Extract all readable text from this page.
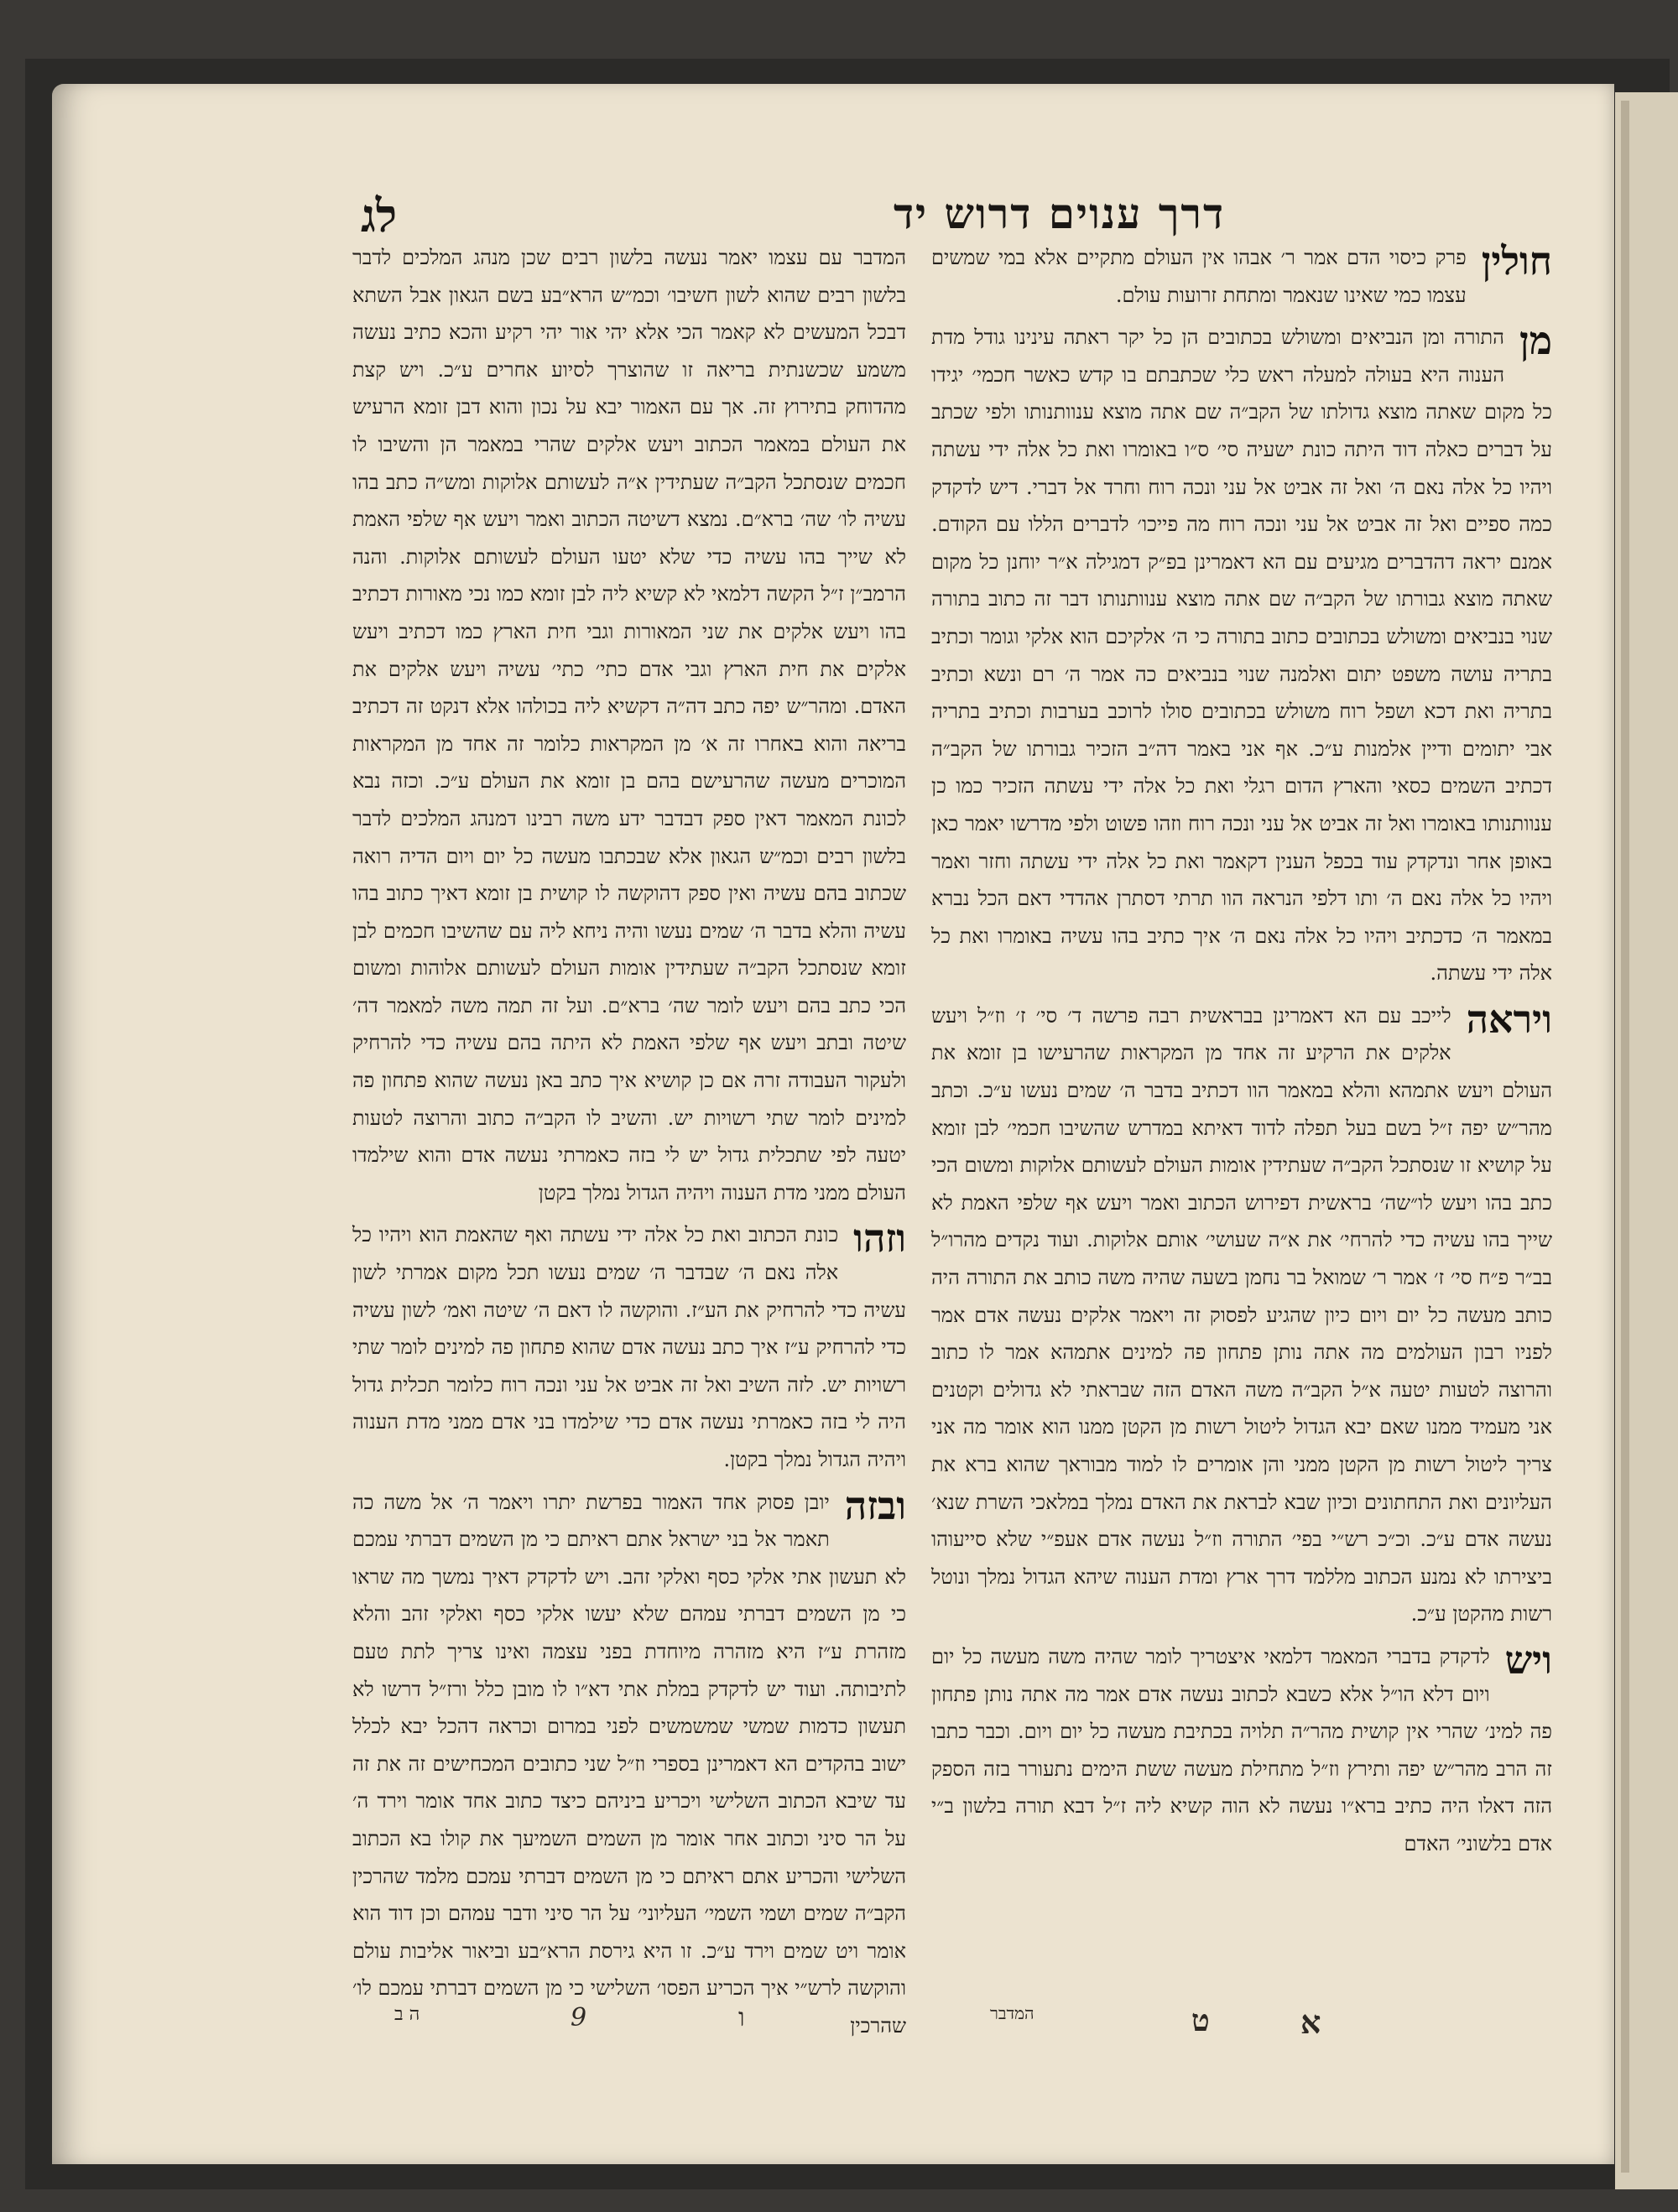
דרך ענוים דרוש יד
לג
חולין
פרק כיסוי הדם אמר ר׳ אבהו אין העולם מתקיים אלא במי שמשים עצמו כמי שאינו שנאמר ומתחת זרועות עולם.
מן
התורה ומן הנביאים ומשולש בכתובים הן כל יקר ראתה עינינו גודל מדת הענוה היא בעולה למעלה ראש כלי שכתבתם בו קדש כאשר חכמי׳ יגידו כל מקום שאתה מוצא גדולתו של הקב״ה שם אתה מוצא ענוותנותו ולפי שכתב על דברים כאלה דוד היתה כונת ישעיה סי׳ ס״ו באומרו ואת כל אלה ידי עשתה ויהיו כל אלה נאם ה׳ ואל זה אביט אל עני ונכה רוח וחרד אל דברי. דיש לדקדק כמה ספיים ואל זה אביט אל עני ונכה רוח מה פייכו׳ לדברים הללו עם הקודם. אמנם יראה דהדברים מגיעים עם הא דאמרינן בפ״ק דמגילה א״ר יוחנן כל מקום שאתה מוצא גבורתו של הקב״ה שם אתה מוצא ענוותנותו דבר זה כתוב בתורה שנוי בנביאים ומשולש בכתובים כתוב בתורה כי ה׳ אלקיכם הוא אלקי וגומר וכתיב בתריה עושה משפט יתום ואלמנה שנוי בנביאים כה אמר ה׳ רם ונשא וכתיב בתריה ואת דכא ושפל רוח משולש בכתובים סולו לרוכב בערבות וכתיב בתריה אבי יתומים ודיין אלמנות ע״כ. אף אני באמר דה״ב הזכיר גבורתו של הקב״ה דכתיב השמים כסאי והארץ הדום רגלי ואת כל אלה ידי עשתה הזכיר כמו כן ענוותנותו באומרו ואל זה אביט אל עני ונכה רוח וזהו פשוט ולפי מדרשו יאמר כאן באופן אחר ונדקדק עוד בכפל הענין דקאמר ואת כל אלה ידי עשתה וחזר ואמר ויהיו כל אלה נאם ה׳ ותו דלפי הנראה הוו תרתי דסתרן אהדדי דאם הכל נברא במאמר ה׳ כדכתיב ויהיו כל אלה נאם ה׳ איך כתיב בהו עשיה באומרו ואת כל אלה ידי עשתה.
ויראה
לייכב עם הא דאמרינן בבראשית רבה פרשה ד׳ סי׳ ז׳ וז״ל ויעש אלקים את הרקיע זה אחד מן המקראות שהרעישו בן זומא את העולם ויעש אתמהא והלא במאמר הוו דכתיב בדבר ה׳ שמים נעשו ע״כ. וכתב מהר״ש יפה ז״ל בשם בעל תפלה לדוד דאיתא במדרש שהשיבו חכמי׳ לבן זומא על קושיא זו שנסתכל הקב״ה שעתידין אומות העולם לעשותם אלוקות ומשום הכי כתב בהו ויעש לו״שה׳ בראשית דפירוש הכתוב ואמר ויעש אף שלפי האמת לא שייך בהו עשיה כדי להרחי׳ את א״ה שעושי׳ אותם אלוקות. ועוד נקדים מהרו״ל בב״ר פ״ח סי׳ ז׳ אמר ר׳ שמואל בר נחמן בשעה שהיה משה כותב את התורה היה כותב מעשה כל יום ויום כיון שהגיע לפסוק זה ויאמר אלקים נעשה אדם אמר לפניו רבון העולמים מה אתה נותן פתחון פה למינים אתמהא אמר לו כתוב והרוצה לטעות יטעה א״ל הקב״ה משה האדם הזה שבראתי לא גדולים וקטנים אני מעמיד ממנו שאם יבא הגדול ליטול רשות מן הקטן ממנו הוא אומר מה אני צריך ליטול רשות מן הקטן ממני והן אומרים לו למוד מבוראך שהוא ברא את העליונים ואת התחתונים וכיון שבא לבראת את האדם נמלך במלאכי השרת שנא׳ נעשה אדם ע״כ. וכ״כ רש״י בפי׳ התורה וז״ל נעשה אדם אעפ״י שלא סייעוהו ביצירתו לא נמנע הכתוב מללמד דרך ארץ ומדת הענוה שיהא הגדול נמלך ונוטל רשות מהקטן ע״כ.
ויש
לדקדק בדברי המאמר דלמאי איצטריך לומר שהיה משה מעשה כל יום ויום דלא הו״ל אלא כשבא לכתוב נעשה אדם אמר מה אתה נותן פתחון פה למינ׳ שהרי אין קושית מהר״ה תלויה בכתיבת מעשה כל יום ויום. וכבר כתבו זה הרב מהר״ש יפה ותירץ וז״ל מתחילת מעשה ששת הימים נתעורר בזה הספק הזה דאלו היה כתיב ברא״ו נעשה לא הוה קשיא ליה ז״ל דבא תורה בלשון ב״י אדם בלשוני׳ האדם
המדבר עם עצמו יאמר נעשה בלשון רבים שכן מנהג המלכים לדבר בלשון רבים שהוא לשון חשיבו׳ וכמ״ש הרא״בע בשם הגאון אבל השתא דבכל המעשים לא קאמר הכי אלא יהי אור יהי רקיע והכא כתיב נעשה משמע שכשנתית בריאה זו שהוצרך לסיוע אחרים ע״כ. ויש קצת מהדוחק בתירוץ זה. אך עם האמור יבא על נכון והוא דבן זומא הרעיש את העולם במאמר הכתוב ויעש אלקים שהרי במאמר הן והשיבו לו חכמים שנסתכל הקב״ה שעתידין א״ה לעשותם אלוקות ומש״ה כתב בהו עשיה לו׳ שה׳ ברא״ם. נמצא דשיטה הכתוב ואמר ויעש אף שלפי האמת לא שייך בהו עשיה כדי שלא יטעו העולם לעשותם אלוקות. והנה הרמב״ן ז״ל הקשה דלמאי לא קשיא ליה לבן זומא כמו נכי מאורות דכתיב בהו ויעש אלקים את שני המאורות וגבי חית הארץ כמו דכתיב ויעש אלקים את חית הארץ וגבי אדם כתי׳ כתי׳ עשיה ויעש אלקים את האדם. ומהר״ש יפה כתב דה״ה דקשיא ליה בכולהו אלא דנקט זה דכתיב בריאה והוא באחרו זה א׳ מן המקראות כלומר זה אחד מן המקראות המוכרים מעשה שהרעישם בהם בן זומא את העולם ע״כ. וכזה נבא לכונת המאמר דאין ספק דבדבר ידע משה רבינו דמנהג המלכים לדבר בלשון רבים וכמ״ש הגאון אלא שבכתבו מעשה כל יום ויום הדיה רואה שכתוב בהם עשיה ואין ספק דהוקשה לו קושית בן זומא דאיך כתוב בהו עשיה והלא בדבר ה׳ שמים נעשו והיה ניחא ליה עם שהשיבו חכמים לבן זומא שנסתכל הקב״ה שעתידין אומות העולם לעשותם אלוהות ומשום הכי כתב בהם ויעש לומר שה׳ ברא״ם. ועל זה תמה משה למאמר דה׳ שיטה ובתב ויעש אף שלפי האמת לא היתה בהם עשיה כדי להרחיק ולעקור העבודה זרה אם כן קושיא איך כתב באן נעשה שהוא פתחון פה למינים לומר שתי רשויות יש. והשיב לו הקב״ה כתוב והרוצה לטעות יטעה לפי שתכלית גדול יש לי בזה כאמרתי נעשה אדם והוא שילמדו העולם ממני מדת הענוה ויהיה הגדול נמלך בקטן
וזהו
כונת הכתוב ואת כל אלה ידי עשתה ואף שהאמת הוא ויהיו כל אלה נאם ה׳ שבדבר ה׳ שמים נעשו תכל מקום אמרתי לשון עשיה כדי להרחיק את הע״ז. והוקשה לו דאם ה׳ שיטה ואמ׳ לשון עשיה כדי להרחיק ע״ז איך כתב נעשה אדם שהוא פתחון פה למינים לומר שתי רשויות יש. לזה השיב ואל זה אביט אל עני ונכה רוח כלומר תכלית גדול היה לי בזה כאמרתי נעשה אדם כדי שילמדו בני אדם ממני מדת הענוה ויהיה הגדול נמלך בקטן.
ובזה
יובן פסוק אחד האמור בפרשת יתרו ויאמר ה׳ אל משה כה תאמר אל בני ישראל אתם ראיתם כי מן השמים דברתי עמכם לא תעשון אתי אלקי כסף ואלקי זהב. ויש לדקדק דאיך נמשך מה שראו כי מן השמים דברתי עמהם שלא יעשו אלקי כסף ואלקי זהב והלא מזהרת ע״ז היא מזהרה מיוחדת בפני עצמה ואינו צריך לתת טעם לתיבותה. ועוד יש לדקדק במלת אתי דא״ו לו מובן כלל ורז״ל דרשו לא תעשון כדמות שמשי שמשמשים לפני במרום וכראה דהכל יבא לכלל ישוב בהקדים הא דאמרינן בספרי וז״ל שני כתובים המכחישים זה את זה עד שיבא הכתוב השלישי ויכריע ביניהם כיצד כתוב אחד אומר וירד ה׳ על הר סיני וכתוב אחר אומר מן השמים השמיעך את קולו בא הכתוב השלישי והכריע אתם ראיתם כי מן השמים דברתי עמכם מלמד שהרכין הקב״ה שמים ושמי השמי׳ העליוני׳ על הר סיני ודבר עמהם וכן דוד הוא אומר ויט שמים וירד ע״כ. זו היא גירסת הרא״בע וביאור אליבות עולם והוקשה לרש״י איך הכריע הפסו׳ השלישי כי מן השמים דברתי עמכם לו׳ שהרכין	ט	א
המדבר
ו
9
ה ב
